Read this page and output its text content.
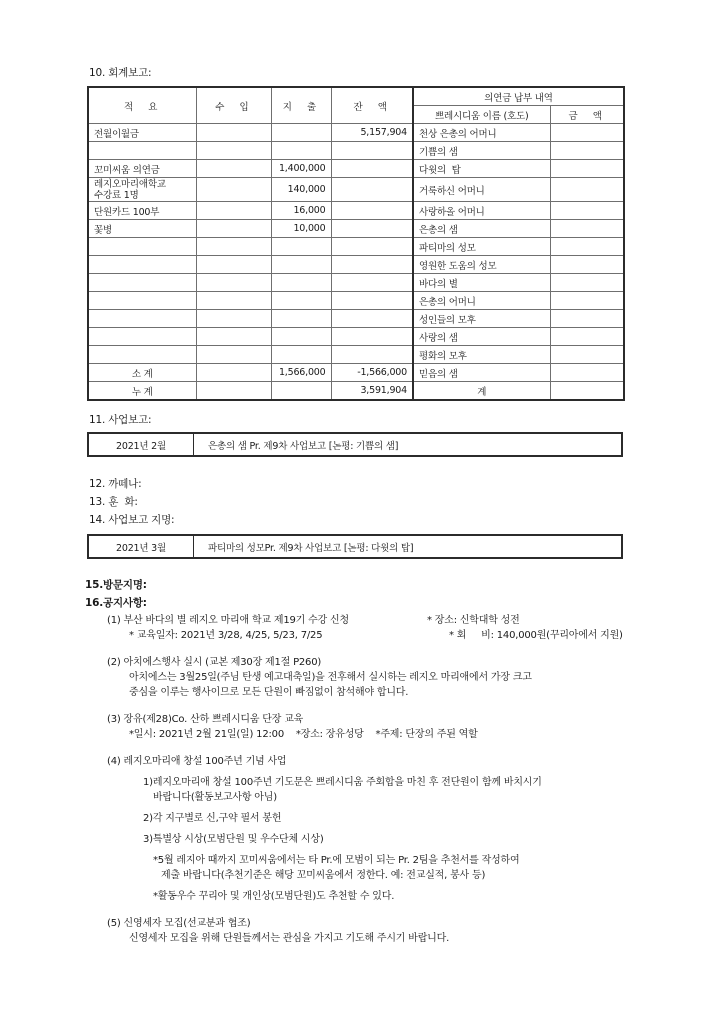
10. 회계보고:
적  요	수  입	지  출	잔  액	의연금 납부 내역	
				쁘레시디움 이름 (호도)	금  액
전월이월금			5,157,904	천상 은총의 어머니	
				기쁨의 샘	
꼬미씨움 의연금		1,400,000		다윗의  탑	
레지오마리애학교
수강료 1명		140,000		거룩하신 어머니	
단원카드 100부		16,000		사랑하올 어머니	
꽃병		10,000		은총의 샘	
				파티마의 성모	
				영원한 도움의 성모	
				바다의 별	
				은총의 어머니	
				성인들의 모후	
				사랑의 샘	
				평화의 모후	
소 계		1,566,000	-1,566,000	믿음의 샘	
누 계			3,591,904	계	
11. 사업보고:
2021년 2월	은총의 샘 Pr. 제9차 사업보고 [논평: 기쁨의 샘]
12. 까떼나:
13. 훈  화:
14. 사업보고 지명:
2021년 3월	파티마의 성모Pr. 제9차 사업보고 [논평: 다윗의 탑]
15.방문지명:
16.공지사항:
(1) 부산 바다의 별 레지오 마리애 학교 제19기 수강 신청	* 장소: 신학대학 성전
* 교육일자: 2021년 3/28, 4/25, 5/23, 7/25	* 회     비: 140,000원(꾸리아에서 지원)
(2) 아치에스행사 실시 (교본 제30장 제1절 P260)
아치에스는 3월25일(주님 탄생 예고대축일)을 전후해서 실시하는 레지오 마리애에서 가장 크고
중심을 이루는 행사이므로 모든 단원이 빠짐없이 참석해야 합니다.
(3) 장유(제28)Co. 산하 쁘레시디움 단장 교육
*일시: 2021년 2월 21일(일) 12:00    *장소: 장유성당    *주제: 단장의 주된 역할
(4) 레지오마리애 창설 100주년 기념 사업
1)레지오마리애 창설 100주년 기도문은 쁘레시디움 주회합을 마친 후 전단원이 함께 바치시기
바랍니다(활동보고사항 아님)
2)각 지구별로 신,구약 필서 봉헌
3)특별상 시상(모범단원 및 우수단체 시상)
*5월 레지아 때까지 꼬미씨움에서는 타 Pr.에 모범이 되는 Pr. 2팀을 추천서를 작성하여
제출 바랍니다(추천기준은 해당 꼬미씨움에서 정한다. 예: 전교실적, 봉사 등)
*활동우수 꾸리아 및 개인상(모범단원)도 추천할 수 있다.
(5) 신영세자 모집(선교분과 협조)
신영세자 모집을 위해 단원들께서는 관심을 가지고 기도해 주시기 바랍니다.
